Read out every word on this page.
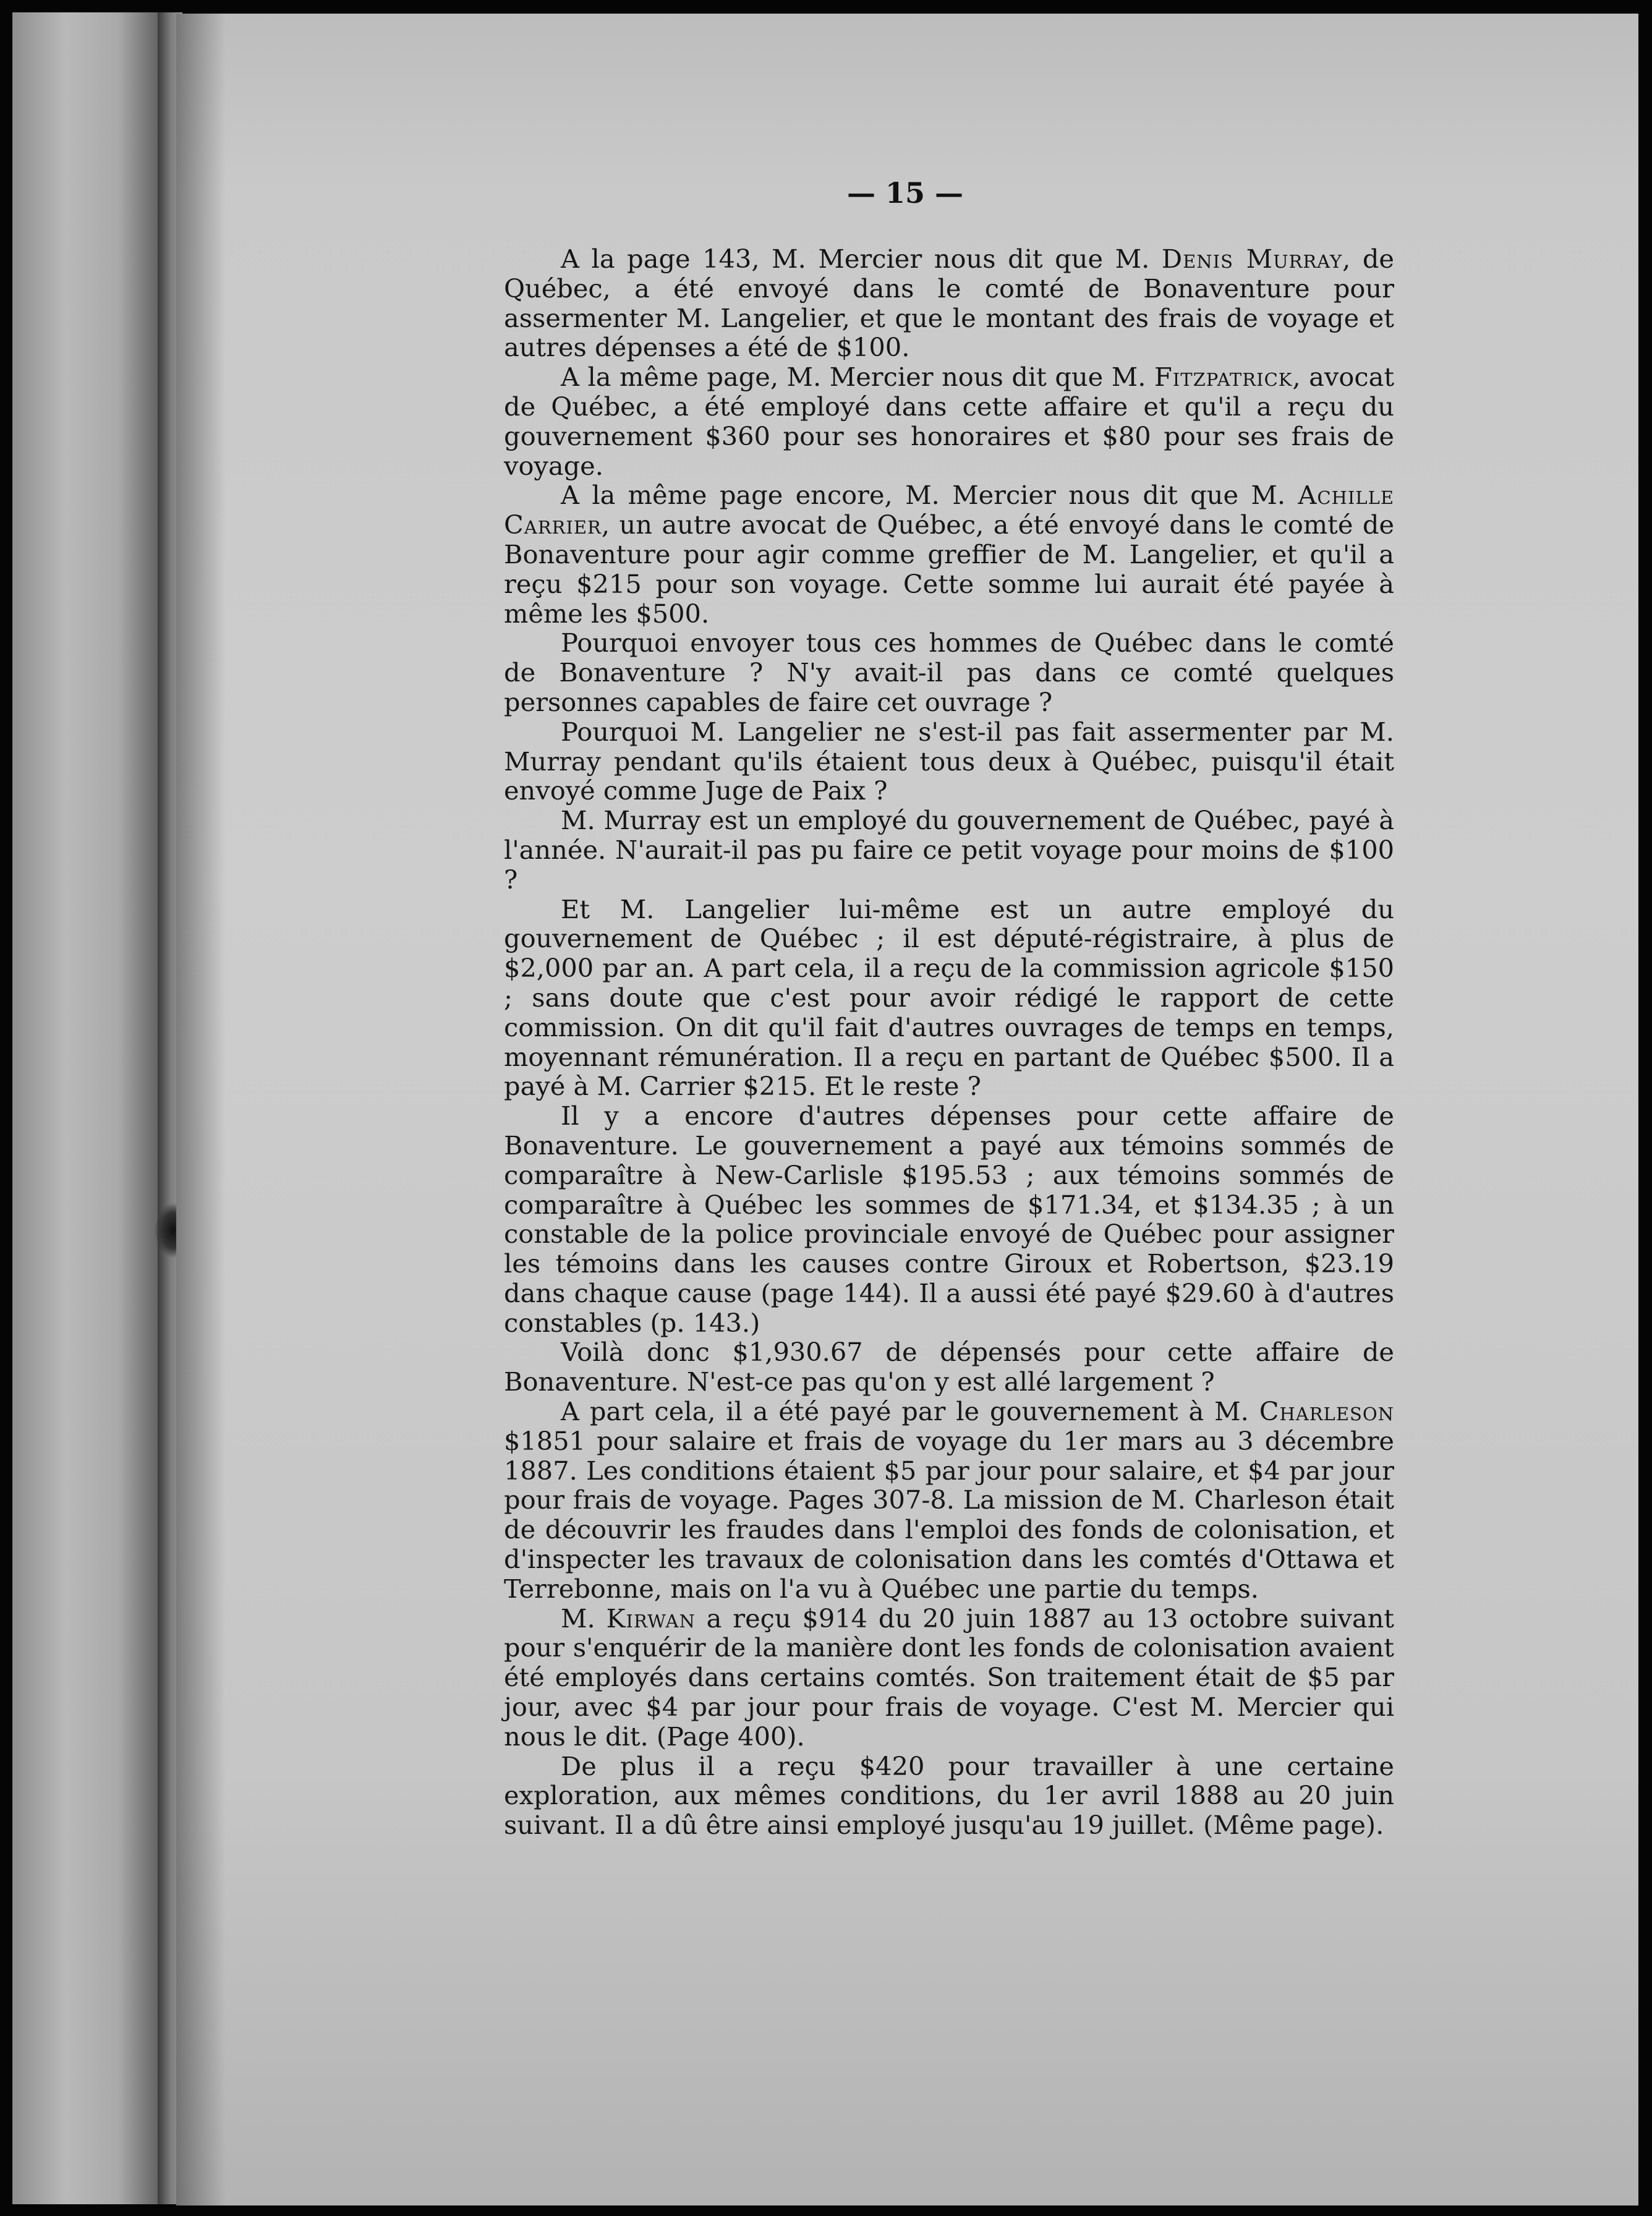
— 15 —

A la page 143, M. Mercier nous dit que M. Denis Murray, de Québec, a été envoyé dans le comté de Bonaventure pour assermenter M. Langelier, et que le montant des frais de voyage et autres dépenses a été de $100.

A la même page, M. Mercier nous dit que M. Fitzpatrick, avocat de Québec, a été employé dans cette affaire et qu'il a reçu du gouvernement $360 pour ses honoraires et $80 pour ses frais de voyage.

A la même page encore, M. Mercier nous dit que M. Achille Carrier, un autre avocat de Québec, a été envoyé dans le comté de Bonaventure pour agir comme greffier de M. Langelier, et qu'il a reçu $215 pour son voyage. Cette somme lui aurait été payée à même les $500.

Pourquoi envoyer tous ces hommes de Québec dans le comté de Bonaventure ? N'y avait-il pas dans ce comté quelques personnes capables de faire cet ouvrage ?

Pourquoi M. Langelier ne s'est-il pas fait assermenter par M. Murray pendant qu'ils étaient tous deux à Québec, puisqu'il était envoyé comme Juge de Paix ?

M. Murray est un employé du gouvernement de Québec, payé à l'année. N'aurait-il pas pu faire ce petit voyage pour moins de $100 ?

Et M. Langelier lui-même est un autre employé du gouvernement de Québec ; il est député-régistraire, à plus de $2,000 par an. A part cela, il a reçu de la commission agricole $150 ; sans doute que c'est pour avoir rédigé le rapport de cette commission. On dit qu'il fait d'autres ouvrages de temps en temps, moyennant rémunération. Il a reçu en partant de Québec $500. Il a payé à M. Carrier $215. Et le reste ?

Il y a encore d'autres dépenses pour cette affaire de Bonaventure. Le gouvernement a payé aux témoins sommés de comparaître à New-Carlisle $195.53 ; aux témoins sommés de comparaître à Québec les sommes de $171.34, et $134.35 ; à un constable de la police provinciale envoyé de Québec pour assigner les témoins dans les causes contre Giroux et Robertson, $23.19 dans chaque cause (page 144). Il a aussi été payé $29.60 à d'autres constables (p. 143.)

Voilà donc $1,930.67 de dépensés pour cette affaire de Bonaventure. N'est-ce pas qu'on y est allé largement ?

A part cela, il a été payé par le gouvernement à M. Charleson $1851 pour salaire et frais de voyage du 1er mars au 3 décembre 1887. Les conditions étaient $5 par jour pour salaire, et $4 par jour pour frais de voyage. Pages 307-8. La mission de M. Charleson était de découvrir les fraudes dans l'emploi des fonds de colonisation, et d'inspecter les travaux de colonisation dans les comtés d'Ottawa et Terrebonne, mais on l'a vu à Québec une partie du temps.

M. Kirwan a reçu $914 du 20 juin 1887 au 13 octobre suivant pour s'enquérir de la manière dont les fonds de colonisation avaient été employés dans certains comtés. Son traitement était de $5 par jour, avec $4 par jour pour frais de voyage. C'est M. Mercier qui nous le dit. (Page 400).

De plus il a reçu $420 pour travailler à une certaine exploration, aux mêmes conditions, du 1er avril 1888 au 20 juin suivant. Il a dû être ainsi employé jusqu'au 19 juillet. (Même page).
